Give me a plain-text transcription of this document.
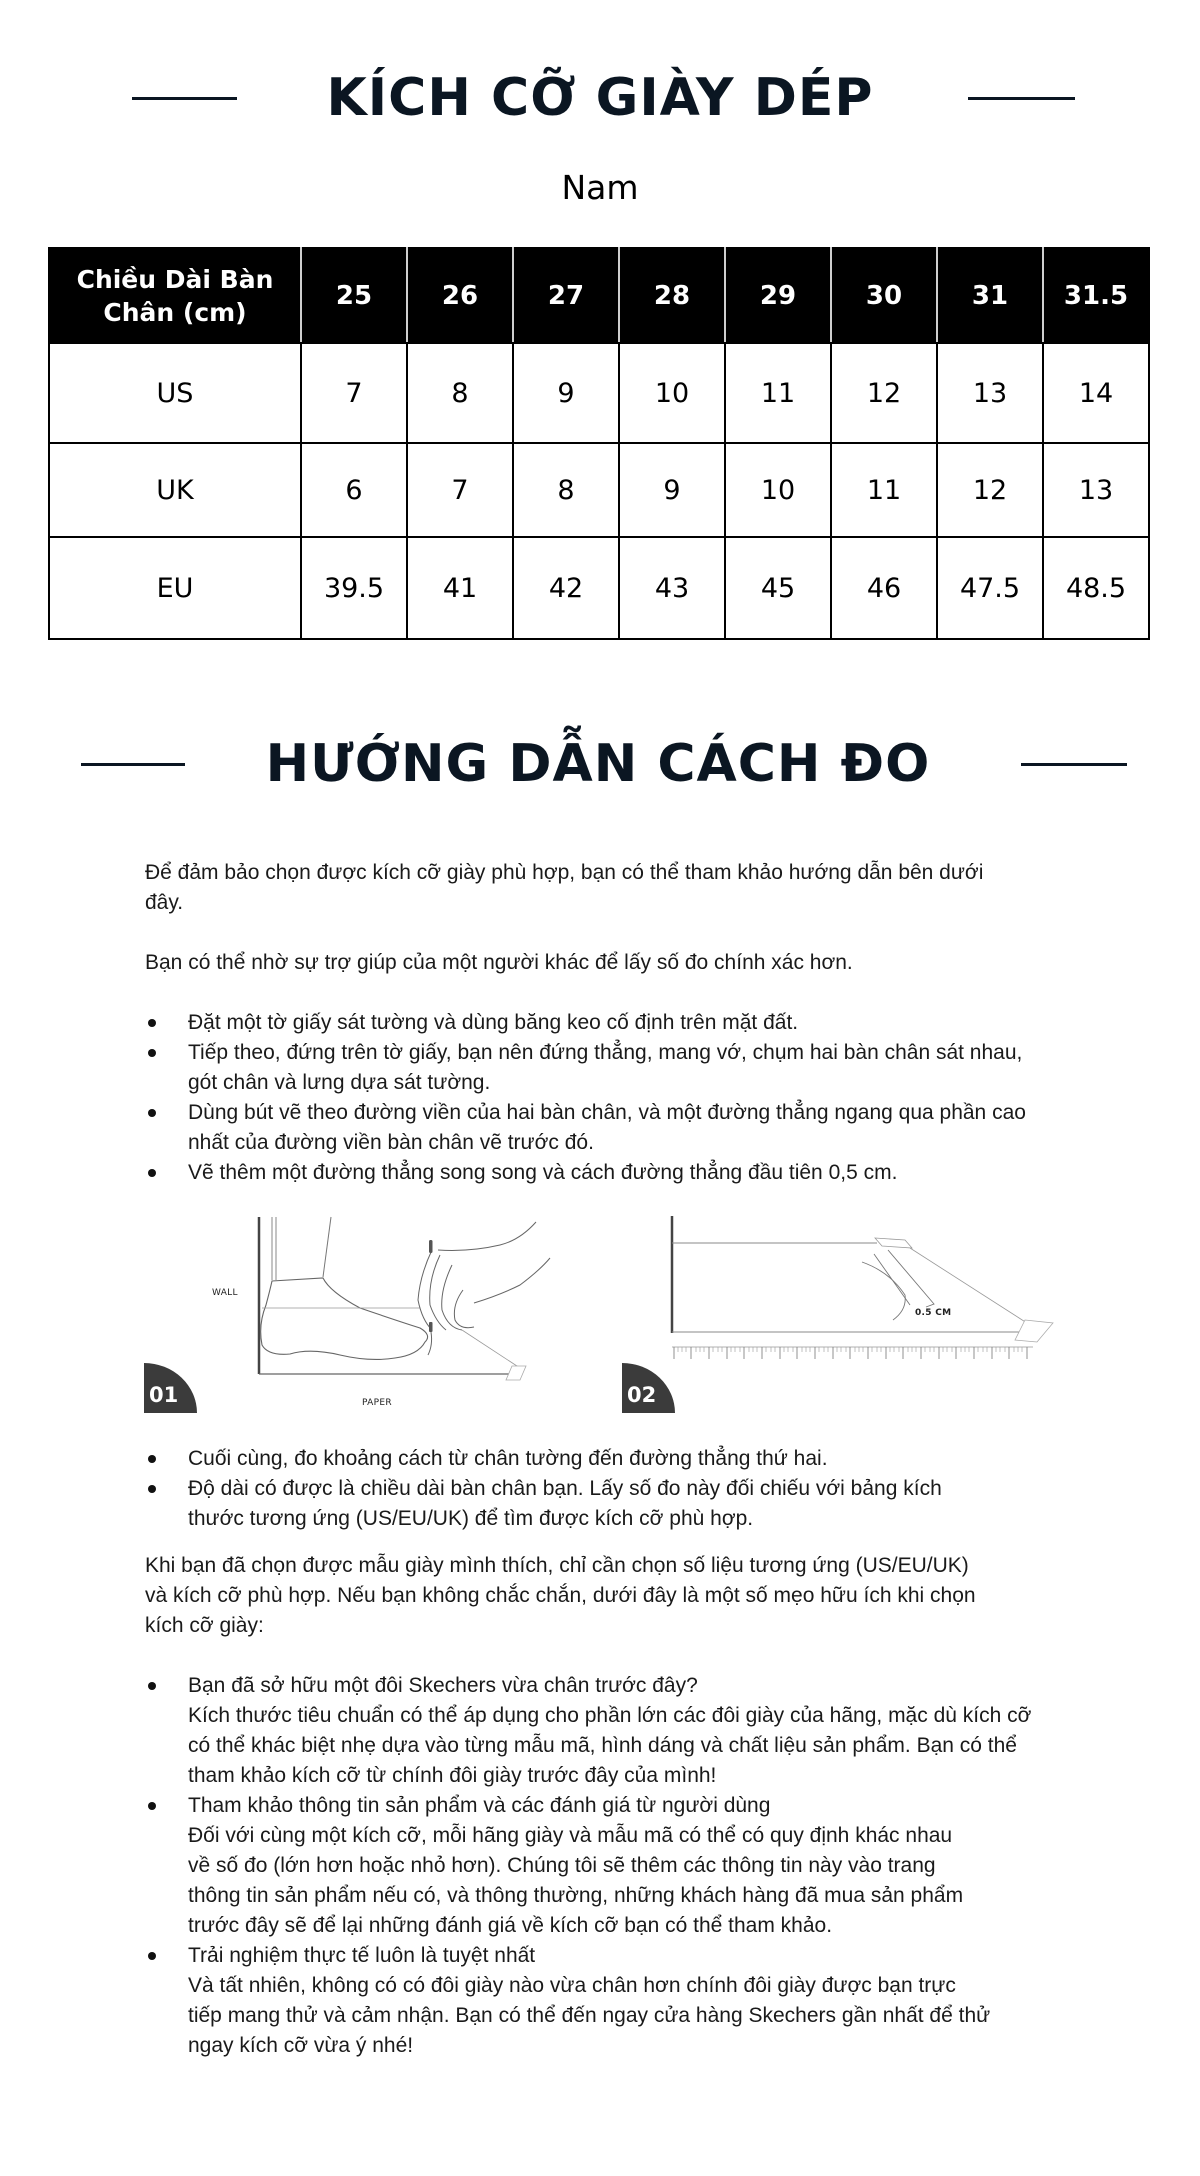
KÍCH CỠ GIÀY DÉP
Nam
Chiều Dài Bàn
Chân (cm)	25	26	27	28	29	30	31	31.5
US	7	8	9	10	11	12	13	14
UK	6	7	8	9	10	11	12	13
EU	39.5	41	42	43	45	46	47.5	48.5
HƯỚNG DẪN CÁCH ĐO

Để đảm bảo chọn được kích cỡ giày phù hợp, bạn có thể tham khảo hướng dẫn bên dưới đây.

Bạn có thể nhờ sự trợ giúp của một người khác để lấy số đo chính xác hơn.

Đặt một tờ giấy sát tường và dùng băng keo cố định trên mặt đất.
Tiếp theo, đứng trên tờ giấy, bạn nên đứng thẳng, mang vớ, chụm hai bàn chân sát nhau, gót chân và lưng dựa sát tường.
Dùng bút vẽ theo đường viền của hai bàn chân, và một đường thẳng ngang qua phần cao nhất của đường viền bàn chân vẽ trước đó.
Vẽ thêm một đường thẳng song song và cách đường thẳng đầu tiên 0,5 cm.
WALL
PAPER
01
0.5 CM
02
Cuối cùng, đo khoảng cách từ chân tường đến đường thẳng thứ hai.
Độ dài có được là chiều dài bàn chân bạn. Lấy số đo này đối chiếu với bảng kích thước tương ứng (US/EU/UK) để tìm được kích cỡ phù hợp.

Khi bạn đã chọn được mẫu giày mình thích, chỉ cần chọn số liệu tương ứng (US/EU/UK) và kích cỡ phù hợp. Nếu bạn không chắc chắn, dưới đây là một số mẹo hữu ích khi chọn kích cỡ giày:

Bạn đã sở hữu một đôi Skechers vừa chân trước đây?
Kích thước tiêu chuẩn có thể áp dụng cho phần lớn các đôi giày của hãng, mặc dù kích cỡ có thể khác biệt nhẹ dựa vào từng mẫu mã, hình dáng và chất liệu sản phẩm. Bạn có thể tham khảo kích cỡ từ chính đôi giày trước đây của mình!
Tham khảo thông tin sản phẩm và các đánh giá từ người dùng
Đối với cùng một kích cỡ, mỗi hãng giày và mẫu mã có thể có quy định khác nhau về số đo (lớn hơn hoặc nhỏ hơn). Chúng tôi sẽ thêm các thông tin này vào trang thông tin sản phẩm nếu có, và thông thường, những khách hàng đã mua sản phẩm trước đây sẽ để lại những đánh giá về kích cỡ bạn có thể tham khảo.
Trải nghiệm thực tế luôn là tuyệt nhất
Và tất nhiên, không có có đôi giày nào vừa chân hơn chính đôi giày được bạn trực tiếp mang thử và cảm nhận. Bạn có thể đến ngay cửa hàng Skechers gần nhất để thử ngay kích cỡ vừa ý nhé!
